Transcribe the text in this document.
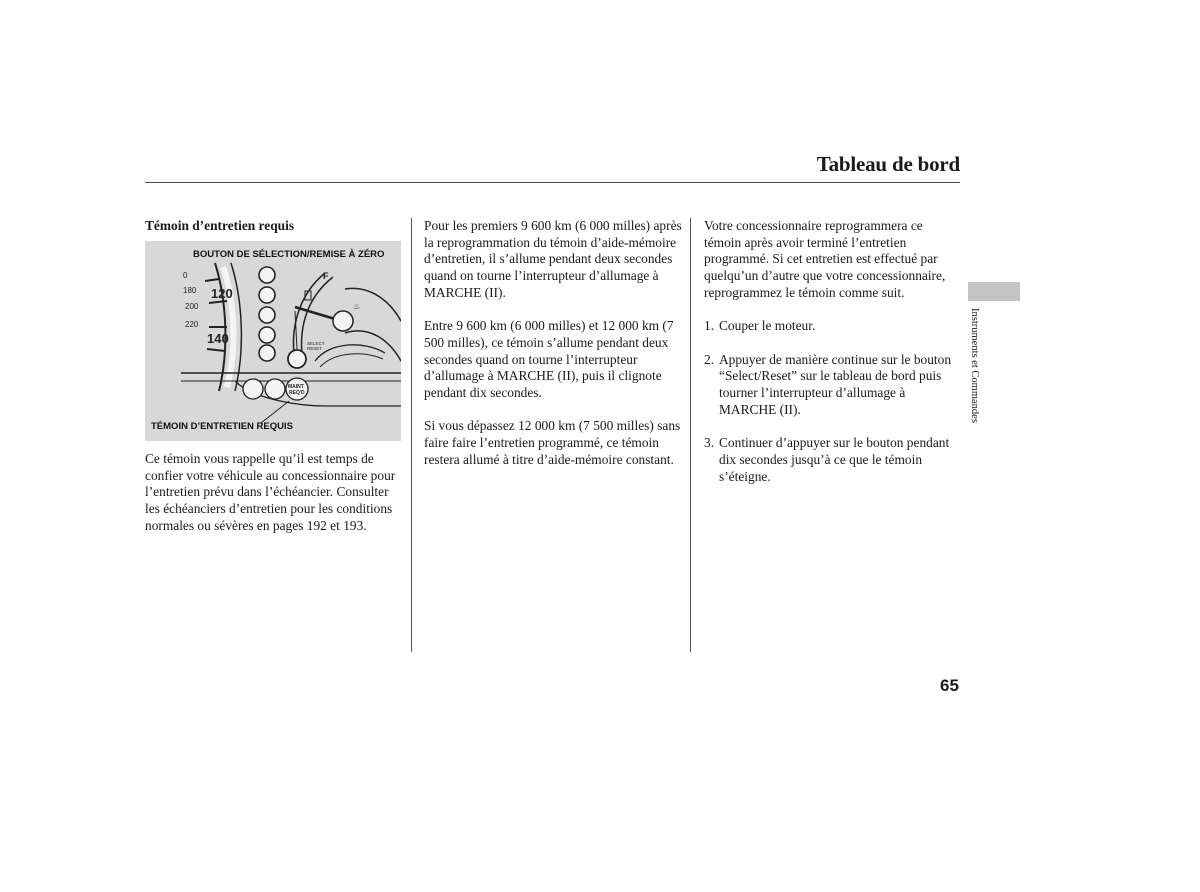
Tableau de bord
Témoin d’entretien requis
BOUTON DE SÉLECTION/REMISE À ZÉRO
0
180
200
220
120
140
F
♨
SELECT
RESET
MAINT
REQ'D
TÉMOIN D’ENTRETIEN REQUIS

Ce témoin vous rappelle qu’il est temps de confier votre véhicule au concessionnaire pour l’entretien prévu dans l’échéancier. Consulter les échéanciers d’entretien pour les conditions normales ou sévères en pages 192 et 193.

Pour les premiers 9 600 km (6 000 milles) après la reprogrammation du témoin d’aide-mémoire d’entretien, il s’allume pendant deux secondes quand on tourne l’interrupteur d’allumage à MARCHE (II).

Entre 9 600 km (6 000 milles) et 12 000 km (7 500 milles), ce témoin s’allume pendant deux secondes quand on tourne l’interrupteur d’allumage à MARCHE (II), puis il clignote pendant dix secondes.

Si vous dépassez 12 000 km (7 500 milles) sans faire faire l’entretien programmé, ce témoin restera allumé à titre d’aide-mémoire constant.

Votre concessionnaire reprogrammera ce témoin après avoir terminé l’entretien programmé. Si cet entretien est effectué par quelqu’un d’autre que votre concessionnaire, reprogrammez le témoin comme suit.

1. Couper le moteur.
2. Appuyer de manière continue sur le bouton “Select/Reset” sur le tableau de bord puis tourner l’interrupteur d’allumage à MARCHE (II).
3. Continuer d’appuyer sur le bouton pendant dix secondes jusqu’à ce que le témoin s’éteigne.
Instruments et Commandes
65
